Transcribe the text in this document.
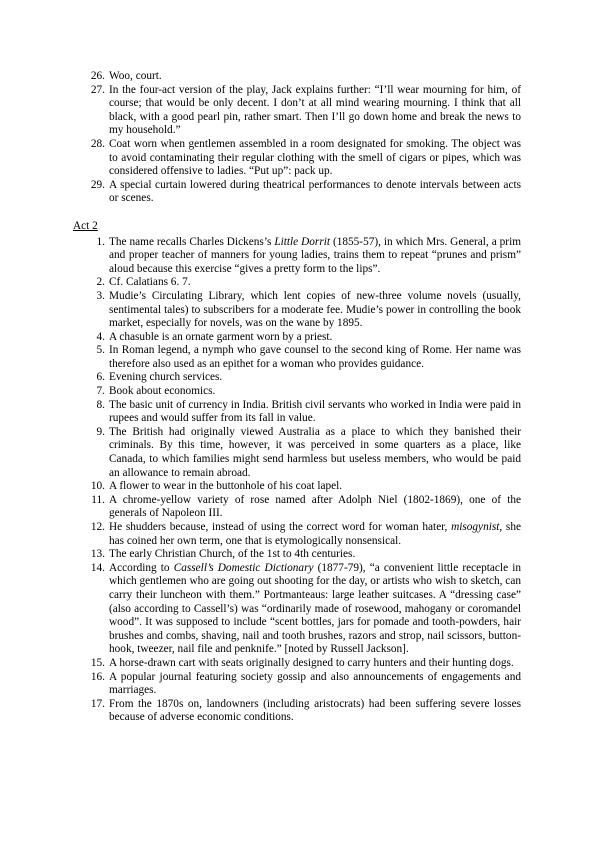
26. Woo, court.
27. In the four-act version of the play, Jack explains further: “I’ll wear mourning for him, of course; that would be only decent. I don’t at all mind wearing mourning. I think that all black, with a good pearl pin, rather smart. Then I’ll go down home and break the news to my household.”
28. Coat worn when gentlemen assembled in a room designated for smoking. The object was to avoid contaminating their regular clothing with the smell of cigars or pipes, which was considered offensive to ladies. “Put up”: pack up.
29. A special curtain lowered during theatrical performances to denote intervals between acts or scenes.
Act 2
1. The name recalls Charles Dickens’s Little Dorrit (1855-57), in which Mrs. General, a prim and proper teacher of manners for young ladies, trains them to repeat “prunes and prism” aloud because this exercise “gives a pretty form to the lips”.
2. Cf. Calatians 6. 7.
3. Mudie’s Circulating Library, which lent copies of new-three volume novels (usually, sentimental tales) to subscribers for a moderate fee. Mudie’s power in controlling the book market, especially for novels, was on the wane by 1895.
4. A chasuble is an ornate garment worn by a priest.
5. In Roman legend, a nymph who gave counsel to the second king of Rome. Her name was therefore also used as an epithet for a woman who provides guidance.
6. Evening church services.
7. Book about economics.
8. The basic unit of currency in India. British civil servants who worked in India were paid in rupees and would suffer from its fall in value.
9. The British had originally viewed Australia as a place to which they banished their criminals. By this time, however, it was perceived in some quarters as a place, like Canada, to which families might send harmless but useless members, who would be paid an allowance to remain abroad.
10. A flower to wear in the buttonhole of his coat lapel.
11. A chrome-yellow variety of rose named after Adolph Niel (1802-1869), one of the generals of Napoleon III.
12. He shudders because, instead of using the correct word for woman hater, misogynist, she has coined her own term, one that is etymologically nonsensical.
13. The early Christian Church, of the 1st to 4th centuries.
14. According to Cassell’s Domestic Dictionary (1877-79), “a convenient little receptacle in which gentlemen who are going out shooting for the day, or artists who wish to sketch, can carry their luncheon with them.” Portmanteaus: large leather suitcases. A “dressing case” (also according to Cassell’s) was “ordinarily made of rosewood, mahogany or coromandel wood”. It was supposed to include “scent bottles, jars for pomade and tooth-powders, hair brushes and combs, shaving, nail and tooth brushes, razors and strop, nail scissors, button-hook, tweezer, nail file and penknife.” [noted by Russell Jackson].
15. A horse-drawn cart with seats originally designed to carry hunters and their hunting dogs.
16. A popular journal featuring society gossip and also announcements of engagements and marriages.
17. From the 1870s on, landowners (including aristocrats) had been suffering severe losses because of adverse economic conditions.
